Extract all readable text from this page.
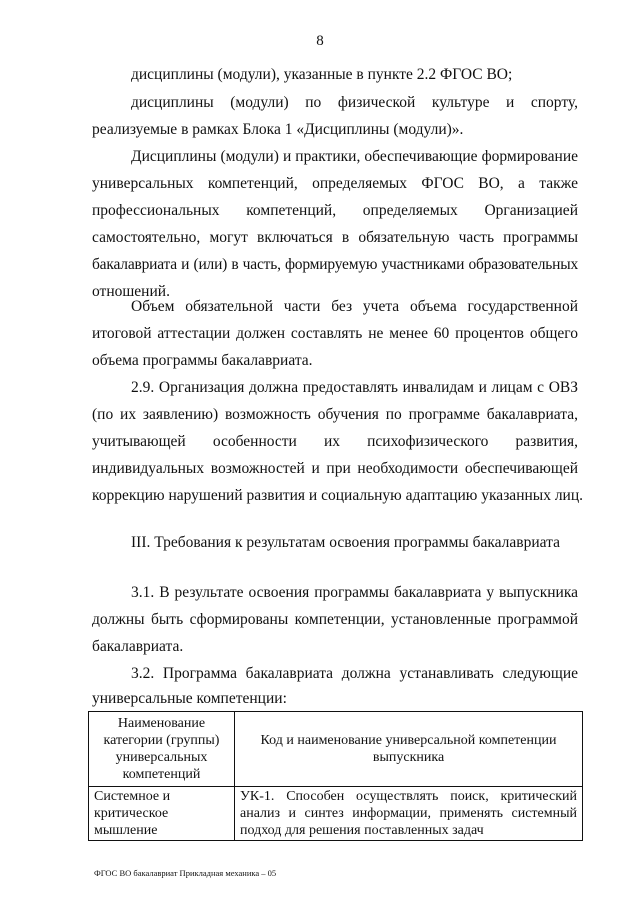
8
дисциплины (модули), указанные в пункте 2.2 ФГОС ВО;
дисциплины (модули) по физической культуре и спорту,
реализуемые в рамках Блока 1 «Дисциплины (модули)».
Дисциплины (модули) и практики, обеспечивающие формирование
универсальных компетенций, определяемых ФГОС ВО, а также
профессиональных компетенций, определяемых Организацией
самостоятельно, могут включаться в обязательную часть программы
бакалавриата и (или) в часть, формируемую участниками образовательных
отношений.
Объем обязательной части без учета объема государственной
итоговой аттестации должен составлять не менее 60 процентов общего
объема программы бакалавриата.
2.9. Организация должна предоставлять инвалидам и лицам с ОВЗ
(по их заявлению) возможность обучения по программе бакалавриата,
учитывающей особенности их психофизического развития,
индивидуальных возможностей и при необходимости обеспечивающей
коррекцию нарушений развития и социальную адаптацию указанных лиц.
III. Требования к результатам освоения программы бакалавриата
3.1. В результате освоения программы бакалавриата у выпускника
должны быть сформированы компетенции, установленные программой
бакалавриата.
3.2. Программа бакалавриата должна устанавливать следующие
универсальные компетенции:
Наименование категории (группы) универсальных компетенций	Код и наименование универсальной компетенции выпускника
Системное и критическое мышление	УК-1. Способен осуществлять поиск, критический анализ и синтез информации, применять системный подход для решения поставленных задач
ФГОС ВО бакалавриат Прикладная механика – 05
